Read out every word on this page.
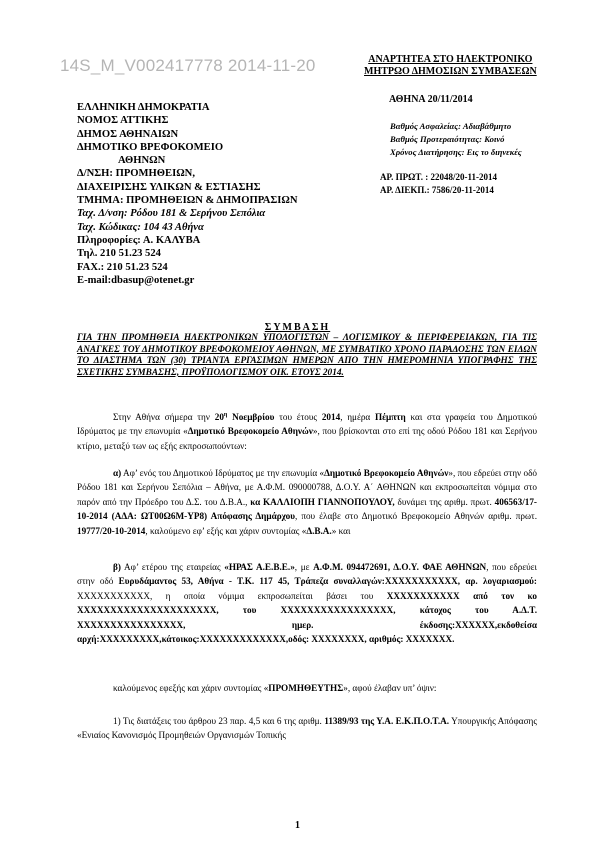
14S_M_V002417778 2014-11-20	ΑΝΑΡΤΗΤΕΑ ΣΤΟ ΗΛΕΚΤΡΟΝΙΚΟ
ΜΗΤΡΩΟ ΔΗΜΟΣΙΩΝ ΣΥΜΒΑΣΕΩΝ
ΑΘΗΝΑ 20/11/2014
Βαθμός Ασφαλείας: Αδιαβάθμητο
Βαθμός Προτεραιότητας: Κοινό
Χρόνος Διατήρησης: Εις το διηνεκές
ΑΡ. ΠΡΩΤ. : 22048/20-11-2014
ΑΡ. ΔΙΕΚΠ.: 7586/20-11-2014
ΕΛΛΗΝΙΚΗ ΔΗΜΟΚΡΑΤΙΑ
ΝΟΜΟΣ ΑΤΤΙΚΗΣ
ΔΗΜΟΣ ΑΘΗΝΑΙΩΝ
ΔΗΜΟΤΙΚΟ ΒΡΕΦΟΚΟΜΕΙΟ
ΑΘΗΝΩΝ
Δ/ΝΣΗ: ΠΡΟΜΗΘΕΙΩΝ,
ΔΙΑΧΕΙΡΙΣΗΣ ΥΛΙΚΩΝ & ΕΣΤΙΑΣΗΣ
ΤΜΗΜΑ: ΠΡΟΜΗΘΕΙΩΝ & ΔΗΜΟΠΡΑΣΙΩΝ
Ταχ. Δ/νση: Ρόδου 181 & Σερήνου Σεπόλια
Ταχ. Κώδικας: 104 43 Αθήνα
Πληροφορίες: Α. ΚΑΛΥΒΑ
Τηλ. 210 51.23 524
FAX.: 210 51.23 524
E-mail:dbasup@otenet.gr
ΣΥΜΒΑΣΗ
ΓΙΑ ΤΗΝ ΠΡΟΜΗΘΕΙΑ ΗΛΕΚΤΡΟΝΙΚΩΝ ΥΠΟΛΟΓΙΣΤΩΝ – ΛΟΓΙΣΜΙΚΟΥ & ΠΕΡΙΦΕΡΕΙΑΚΩΝ, ΓΙΑ ΤΙΣ ΑΝΑΓΚΕΣ ΤΟΥ ΔΗΜΟΤΙΚΟΥ ΒΡΕΦΟΚΟΜΕΙΟΥ ΑΘΗΝΩΝ, ΜΕ ΣΥΜΒΑΤΙΚΟ ΧΡΟΝΟ ΠΑΡΑΔΟΣΗΣ ΤΩΝ ΕΙΔΩΝ ΤΟ ΔΙΑΣΤΗΜΑ ΤΩΝ (30) ΤΡΙΑΝΤΑ ΕΡΓΑΣΙΜΩΝ ΗΜΕΡΩΝ ΑΠΟ ΤΗΝ ΗΜΕΡΟΜΗΝΙΑ ΥΠΟΓΡΑΦΗΣ ΤΗΣ ΣΧΕΤΙΚΗΣ ΣΥΜΒΑΣΗΣ, ΠΡΟΫΠΟΛΟΓΙΣΜΟΥ ΟΙΚ. ΕΤΟΥΣ 2014.
Στην Αθήνα σήμερα την $20^\eta$ Νοεμβρίου του έτους 2014, ημέρα Πέμπτη και στα γραφεία του Δημοτικού Ιδρύματος με την επωνυμία «Δημοτικό Βρεφοκομείο Αθηνών», που βρίσκονται στο επί της οδού Ρόδου 181 και Σερήνου κτίριο, μεταξύ των ως εξής εκπροσωπούντων:
α) Αφ’ ενός του Δημοτικού Ιδρύματος με την επωνυμία «Δημοτικό Βρεφοκομείο Αθηνών», που εδρεύει στην οδό Ρόδου 181 και Σερήνου Σεπόλια – Αθήνα, με Α.Φ.Μ. 090000788, Δ.Ο.Υ. Α΄ ΑΘΗΝΩΝ και εκπροσωπείται νόμιμα στο παρόν από την Πρόεδρο του Δ.Σ. του Δ.Β.Α., κα ΚΑΛΛΙΟΠΗ ΓΙΑΝΝΟΠΟΥΛΟΥ, δυνάμει της αριθμ. πρωτ. 406563/17-10-2014 (ΑΔΑ: ΩΤ00Ω6Μ-ΥΡ8) Απόφασης Δημάρχου, που έλαβε στο Δημοτικό Βρεφοκομείο Αθηνών αριθμ. πρωτ. 19777/20-10-2014, καλούμενο εφ’ εξής και χάριν συντομίας «Δ.Β.Α.» και
β) Αφ’ ετέρου της εταιρείας «ΗΡΑΣ Α.Ε.Β.Ε.», με Α.Φ.Μ. 094472691, Δ.Ο.Υ. ΦΑΕ ΑΘΗΝΩΝ, που εδρεύει στην οδό Ευρυδάμαντος 53, Αθήνα - Τ.Κ. 117 45, Τράπεζα συναλλαγών:XXXXXXXXXXX, αρ. λογαριασμού: XXXXXXXXXXX, η οποία νόμιμα εκπροσωπείται βάσει του XXXXXXXXXXX από τον κο XXXXXXXXXXXXXXXXXXXXX, του XXXXXXXXXXXXXXXXX, κάτοχος του Α.Δ.Τ. XXXXXXXXXXXXXXXX, ημερ. έκδοσης:XXXXXX,εκδοθείσα αρχή:XXXXXXXXX,κάτοικος:XXXXXXXXXXXXX,οδός: XXXXXXXX, αριθμός: XXXXXXX.
καλούμενος εφεξής και χάριν συντομίας «ΠΡΟΜΗΘΕΥΤΗΣ», αφού έλαβαν υπ’ όψιν:
1) Τις διατάξεις του άρθρου 23 παρ. 4,5 και 6 της αριθμ. 11389/93 της Υ.Α. Ε.Κ.Π.Ο.Τ.Α. Υπουργικής Απόφασης «Ενιαίος Κανονισμός Προμηθειών Οργανισμών Τοπικής
1
